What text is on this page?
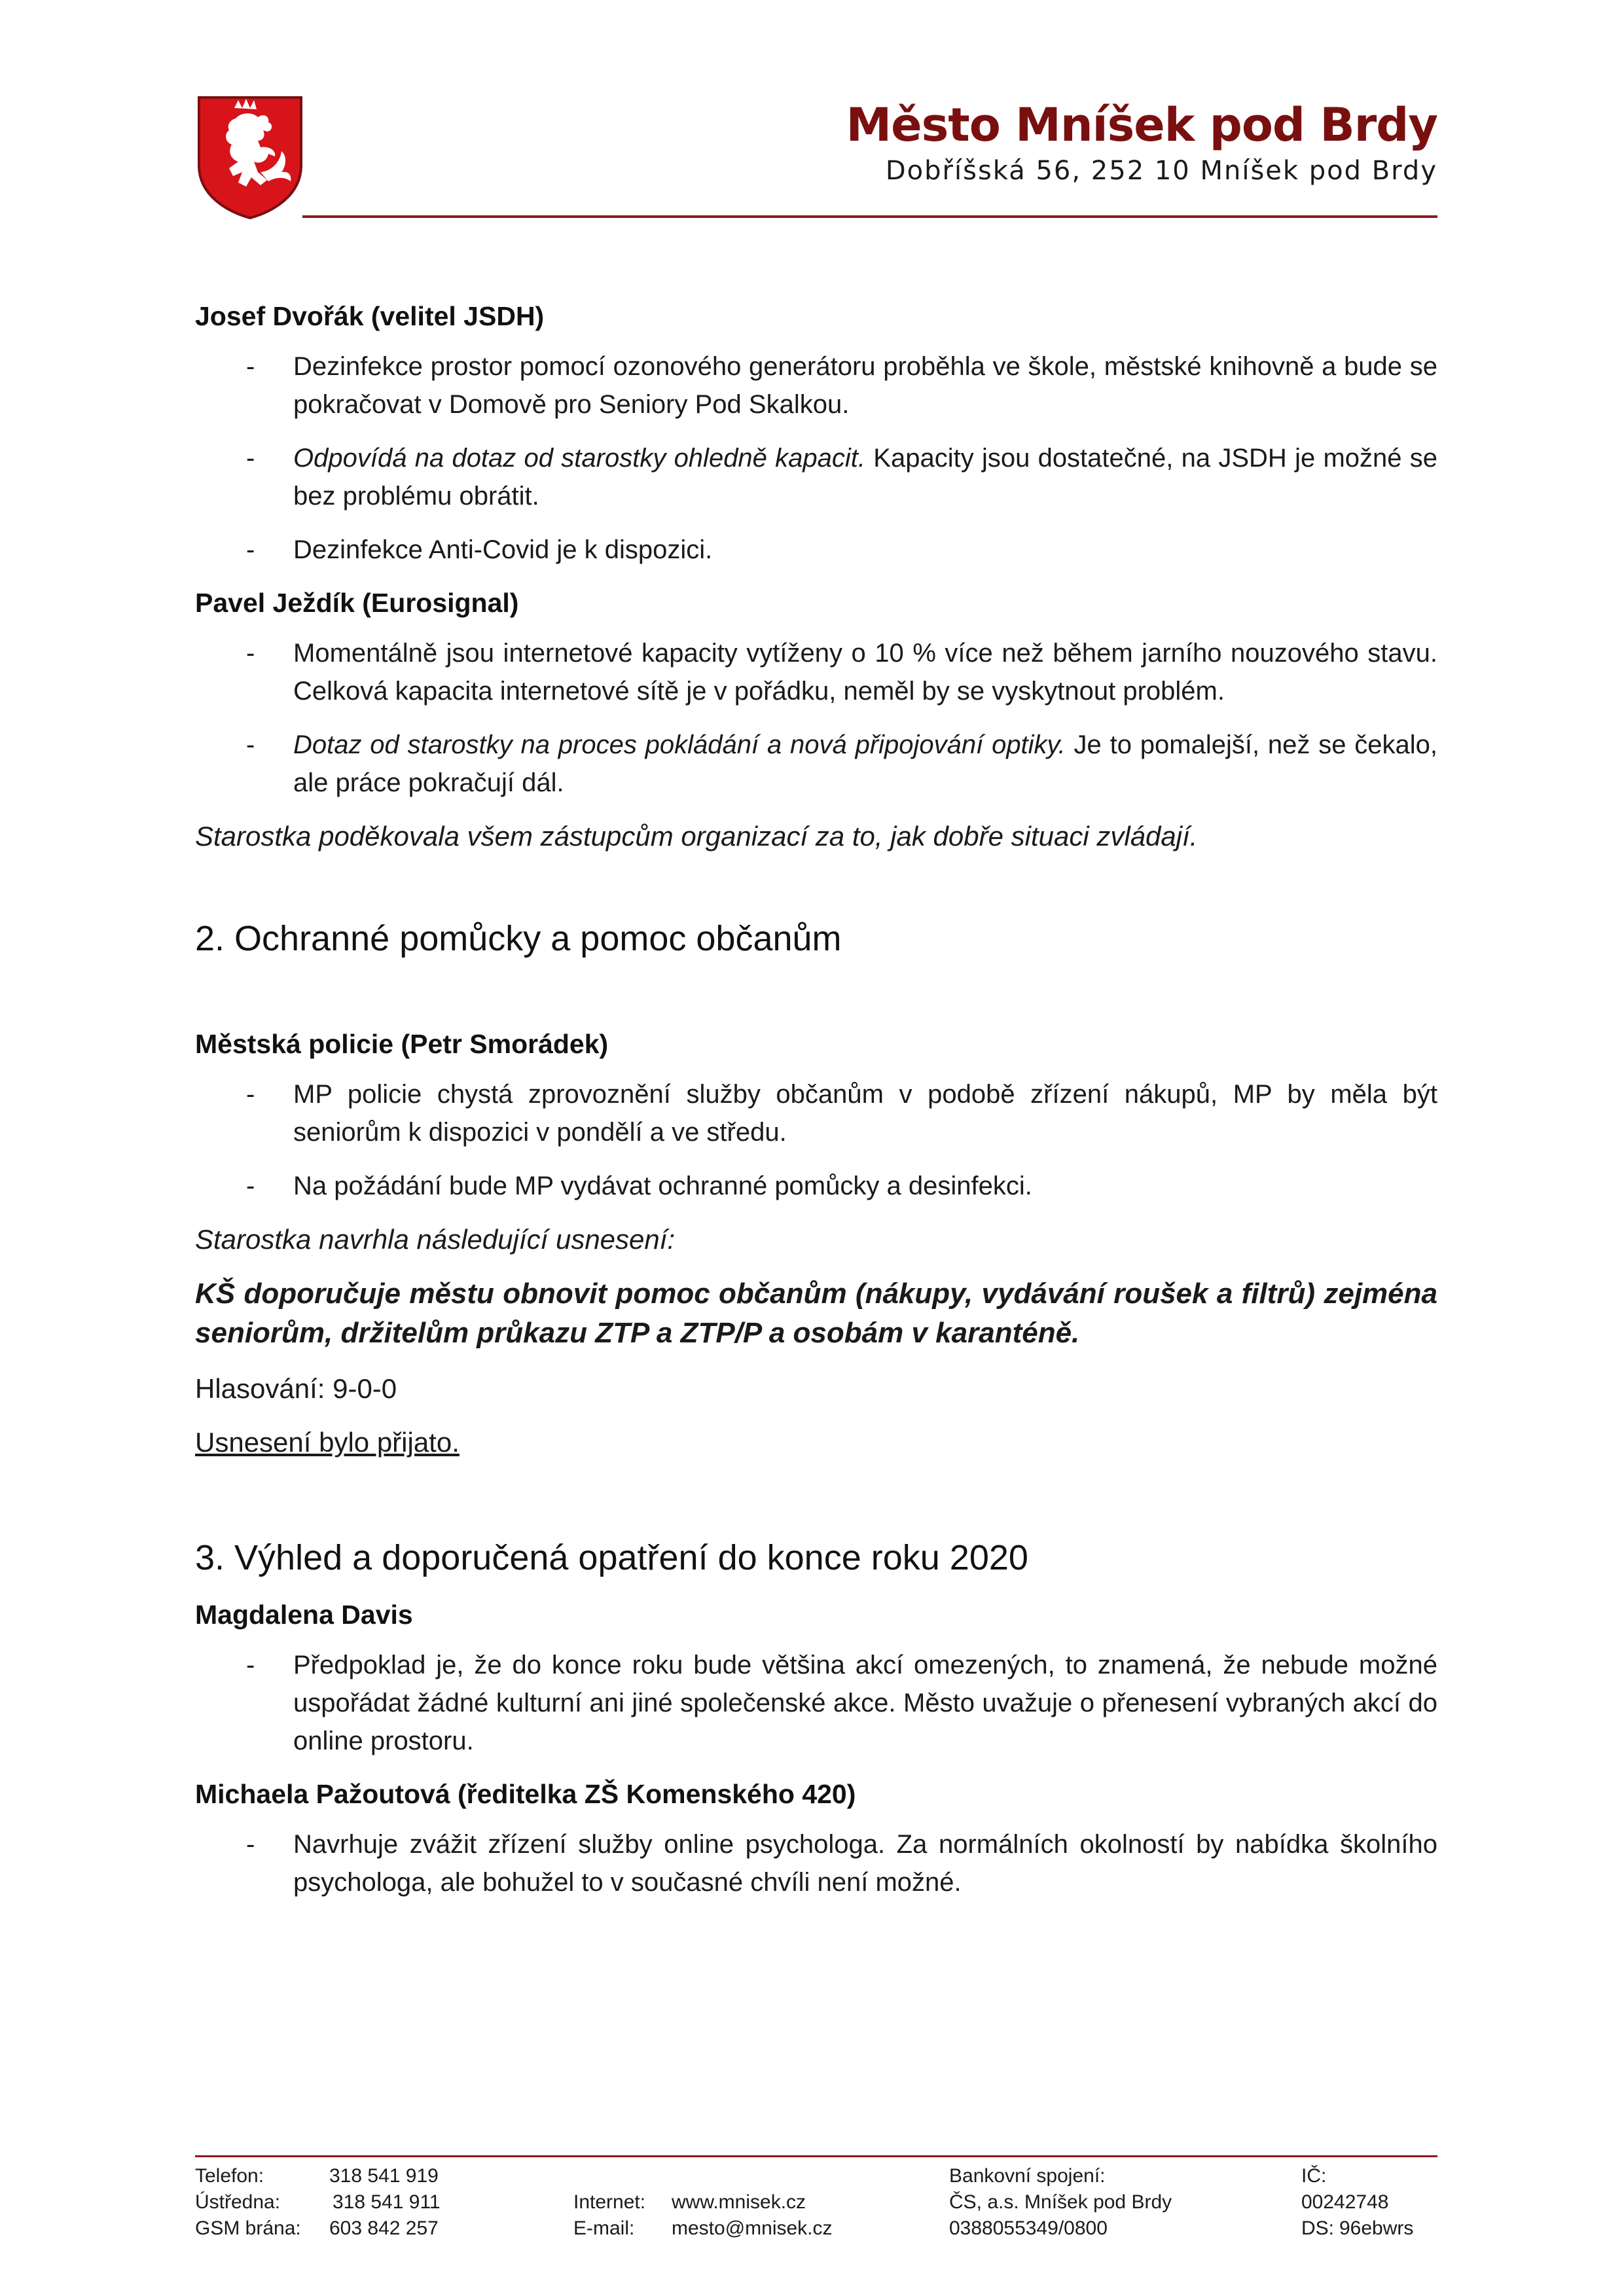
Město Mníšek pod Brdy
Dobříšská 56, 252 10 Mníšek pod Brdy

Josef Dvořák (velitel JSDH)

- Dezinfekce prostor pomocí ozonového generátoru proběhla ve škole, městské knihovně a bude se pokračovat v Domově pro Seniory Pod Skalkou.
- Odpovídá na dotaz od starostky ohledně kapacit. Kapacity jsou dostatečné, na JSDH je možné se bez problému obrátit.
- Dezinfekce Anti-Covid je k dispozici.

Pavel Ježdík (Eurosignal)

- Momentálně jsou internetové kapacity vytíženy o 10 % více než během jarního nouzového stavu. Celková kapacita internetové sítě je v pořádku, neměl by se vyskytnout problém.
- Dotaz od starostky na proces pokládání a nová připojování optiky. Je to pomalejší, než se čekalo, ale práce pokračují dál.

Starostka poděkovala všem zástupcům organizací za to, jak dobře situaci zvládají.

2. Ochranné pomůcky a pomoc občanům

Městská policie (Petr Smorádek)

- MP policie chystá zprovoznění služby občanům v podobě zřízení nákupů, MP by měla být seniorům k dispozici v pondělí a ve středu.
- Na požádání bude MP vydávat ochranné pomůcky a desinfekci.

Starostka navrhla následující usnesení:

KŠ doporučuje městu obnovit pomoc občanům (nákupy, vydávání roušek a filtrů) zejména seniorům, držitelům průkazu ZTP a ZTP/P a osobám v karanténě.

Hlasování: 9-0-0

Usnesení bylo přijato.

3. Výhled a doporučená opatření do konce roku 2020

Magdalena Davis

- Předpoklad je, že do konce roku bude většina akcí omezených, to znamená, že nebude možné uspořádat žádné kulturní ani jiné společenské akce. Město uvažuje o přenesení vybraných akcí do online prostoru.

Michaela Pažoutová (ředitelka ZŠ Komenského 420)

- Navrhuje zvážit zřízení služby online psychologa. Za normálních okolností by nabídka školního psychologa, ale bohužel to v současné chvíli není možné.
Telefon:	318 541 919
Ústředna:	318 541 911
GSM brána: 603 842 257
Internet: www.mnisek.cz
E-mail: mesto@mnisek.cz
Bankovní spojení:
ČS, a.s. Mníšek pod Brdy
0388055349/0800
IČ:
00242748
DS: 96ebwrs
